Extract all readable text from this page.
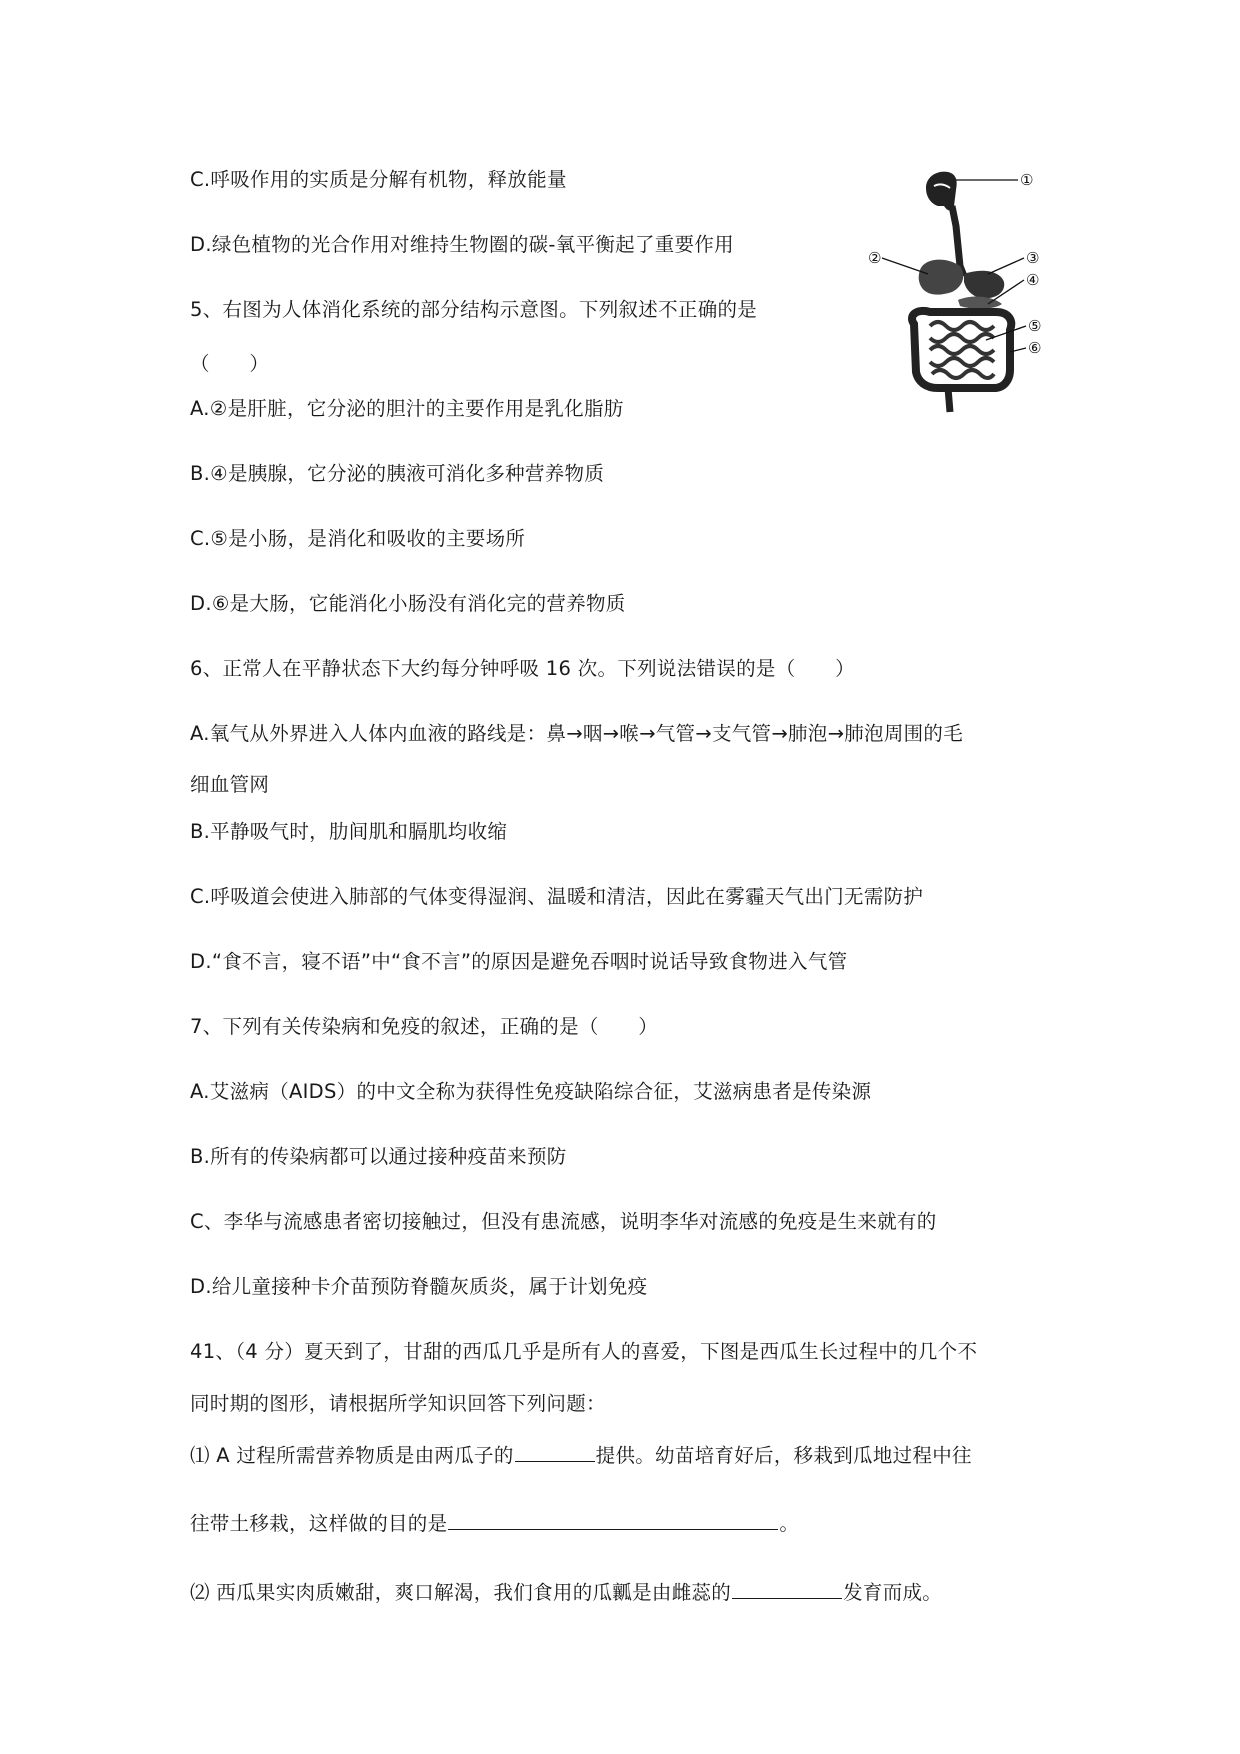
C.呼吸作用的实质是分解有机物，释放能量
D.绿色植物的光合作用对维持生物圈的碳-氧平衡起了重要作用
5、右图为人体消化系统的部分结构示意图。下列叙述不正确的是
（　　）
A.②是肝脏，它分泌的胆汁的主要作用是乳化脂肪
B.④是胰腺，它分泌的胰液可消化多种营养物质
C.⑤是小肠，是消化和吸收的主要场所
D.⑥是大肠，它能消化小肠没有消化完的营养物质
6、正常人在平静状态下大约每分钟呼吸 16 次。下列说法错误的是（　　）
A.氧气从外界进入人体内血液的路线是：鼻→咽→喉→气管→支气管→肺泡→肺泡周围的毛
细血管网
B.平静吸气时，肋间肌和膈肌均收缩
C.呼吸道会使进入肺部的气体变得湿润、温暖和清洁，因此在雾霾天气出门无需防护
D.“食不言，寝不语”中“食不言”的原因是避免吞咽时说话导致食物进入气管
7、下列有关传染病和免疫的叙述，正确的是（　　）
A.艾滋病（AIDS）的中文全称为获得性免疫缺陷综合征，艾滋病患者是传染源
B.所有的传染病都可以通过接种疫苗来预防
C、李华与流感患者密切接触过，但没有患流感，说明李华对流感的免疫是生来就有的
D.给儿童接种卡介苗预防脊髓灰质炎，属于计划免疫
41、（4 分）夏天到了，甘甜的西瓜几乎是所有人的喜爱，下图是西瓜生长过程中的几个不
同时期的图形，请根据所学知识回答下列问题：
⑴ A 过程所需营养物质是由两瓜子的	提供。幼苗培育好后，移栽到瓜地过程中往
往带土移栽，这样做的目的是	。
⑵ 西瓜果实肉质嫩甜，爽口解渴，我们食用的瓜瓤是由雌蕊的	发育而成。
①
②	③
④
⑤
⑥
